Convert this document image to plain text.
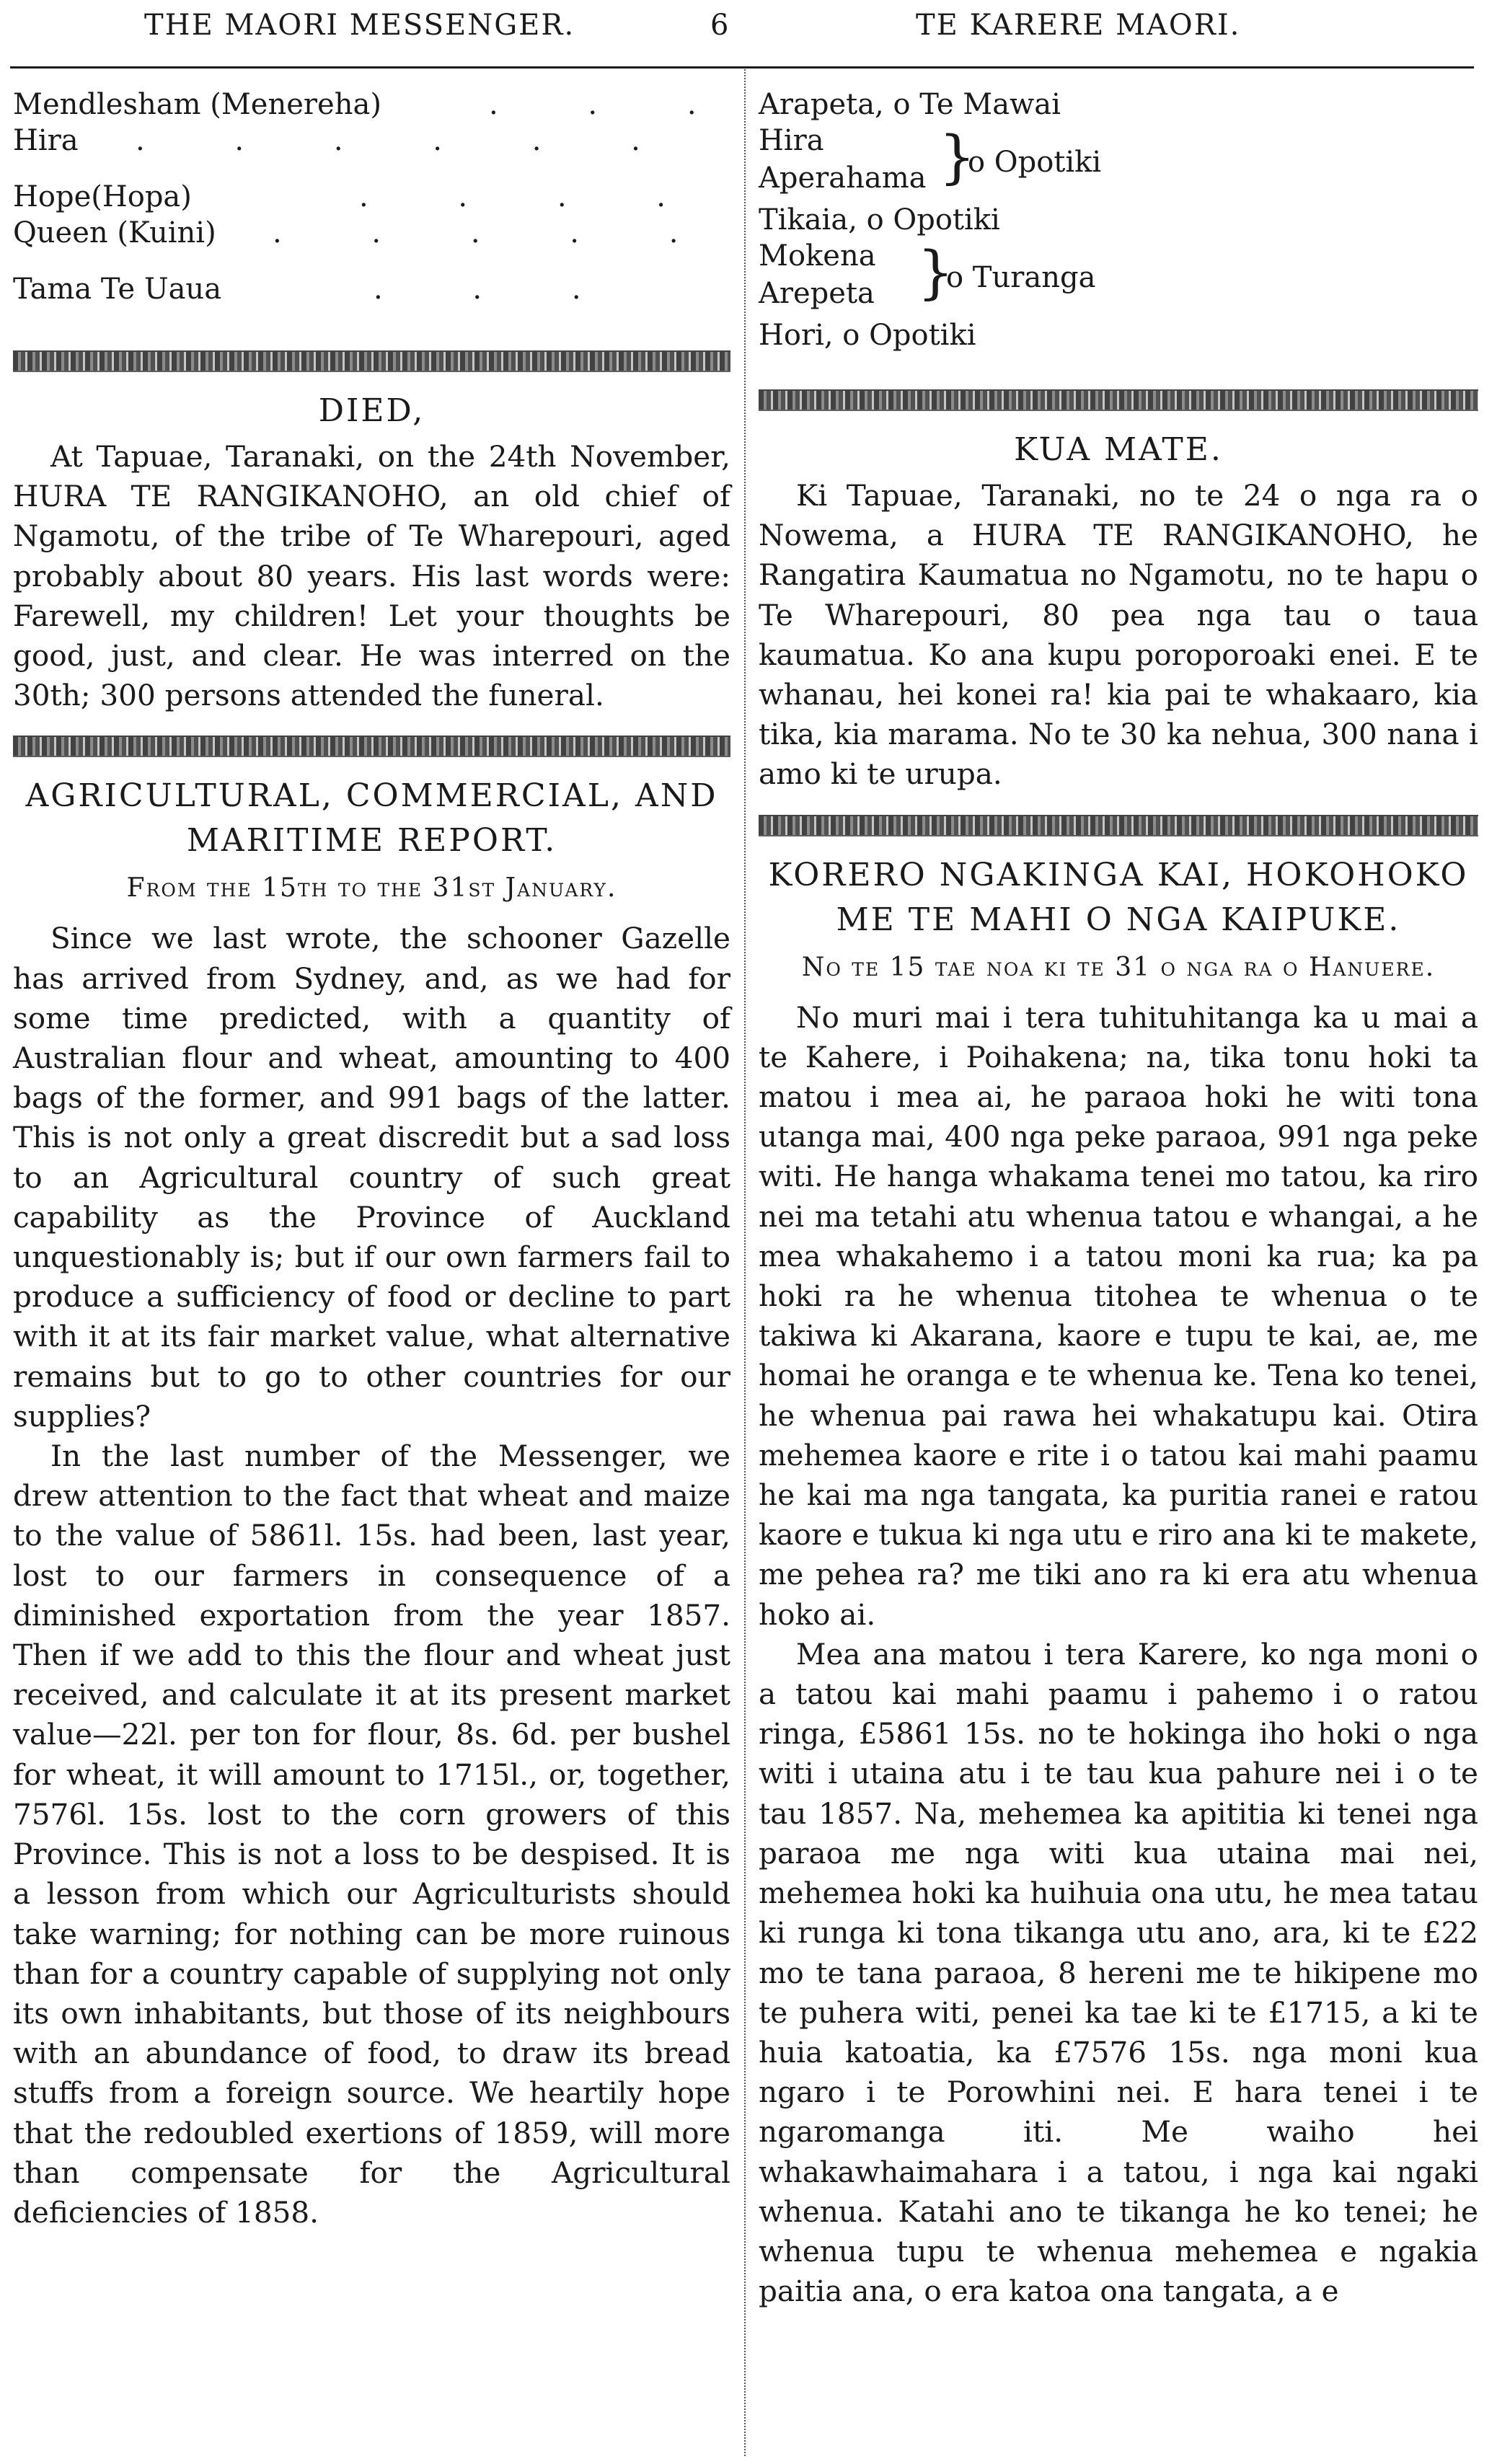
THE MAORI MESSENGER.	6	TE KARERE MAORI.
Mendlesham (Menereha)	. . .
Hira . . . . . .
Hope(Hopa)	. . . .
Queen (Kuini) . . . . .
Tama Te Uaua	. . .
DIED,

At Tapuae, Taranaki, on the 24th November, HURA TE RANGIKANOHO, an old chief of Ngamotu, of the tribe of Te Wharepouri, aged probably about 80 years. His last words were: Farewell, my children! Let your thoughts be good, just, and clear. He was interred on the 30th; 300 persons attended the funeral.

AGRICULTURAL, COMMERCIAL, AND
MARITIME REPORT.
From the 15th to the 31st January.

Since we last wrote, the schooner Gazelle has arrived from Sydney, and, as we had for some time predicted, with a quantity of Australian flour and wheat, amounting to 400 bags of the former, and 991 bags of the latter. This is not only a great discredit but a sad loss to an Agricultural country of such great capability as the Province of Auckland unquestionably is; but if our own farmers fail to produce a sufficiency of food or decline to part with it at its fair market value, what alternative remains but to go to other countries for our supplies?

In the last number of the Messenger, we drew attention to the fact that wheat and maize to the value of 5861l. 15s. had been, last year, lost to our farmers in consequence of a diminished exportation from the year 1857. Then if we add to this the flour and wheat just received, and calculate it at its present market value—22l. per ton for flour, 8s. 6d. per bushel for wheat, it will amount to 1715l., or, together, 7576l. 15s. lost to the corn growers of this Province. This is not a loss to be despised. It is a lesson from which our Agriculturists should take warning; for nothing can be more ruinous than for a country capable of supplying not only its own inhabitants, but those of its neighbours with an abundance of food, to draw its bread stuffs from a foreign source. We heartily hope that the redoubled exertions of 1859, will more than compensate for the Agricultural deficiencies of 1858.

Arapeta, o Te Mawai
Hira
Aperahama }
o Opotiki
Tikaia, o Opotiki
Mokena
Arepeta }
o Turanga
Hori, o Opotiki
KUA MATE.

Ki Tapuae, Taranaki, no te 24 o nga ra o Nowema, a HURA TE RANGIKANOHO, he Rangatira Kaumatua no Ngamotu, no te hapu o Te Wharepouri, 80 pea nga tau o taua kaumatua. Ko ana kupu poroporoaki enei. E te whanau, hei konei ra! kia pai te whakaaro, kia tika, kia marama. No te 30 ka nehua, 300 nana i amo ki te urupa.

KORERO NGAKINGA KAI, HOKOHOKO
ME TE MAHI O NGA KAIPUKE.
No te 15 tae noa ki te 31 o nga ra o Hanuere.

No muri mai i tera tuhituhitanga ka u mai a te Kahere, i Poihakena; na, tika tonu hoki ta matou i mea ai, he paraoa hoki he witi tona utanga mai, 400 nga peke paraoa, 991 nga peke witi. He hanga whakama tenei mo tatou, ka riro nei ma tetahi atu whenua tatou e whangai, a he mea whakahemo i a tatou moni ka rua; ka pa hoki ra he whenua titohea te whenua o te takiwa ki Akarana, kaore e tupu te kai, ae, me homai he oranga e te whenua ke. Tena ko tenei, he whenua pai rawa hei whakatupu kai. Otira mehemea kaore e rite i o tatou kai mahi paamu he kai ma nga tangata, ka puritia ranei e ratou kaore e tukua ki nga utu e riro ana ki te makete, me pehea ra? me tiki ano ra ki era atu whenua hoko ai.

Mea ana matou i tera Karere, ko nga moni o a tatou kai mahi paamu i pahemo i o ratou ringa, £5861 15s. no te hokinga iho hoki o nga witi i utaina atu i te tau kua pahure nei i o te tau 1857. Na, mehemea ka apititia ki tenei nga paraoa me nga witi kua utaina mai nei, mehemea hoki ka huihuia ona utu, he mea tatau ki runga ki tona tikanga utu ano, ara, ki te £22 mo te tana paraoa, 8 hereni me te hikipene mo te puhera witi, penei ka tae ki te £1715, a ki te huia katoatia, ka £7576 15s. nga moni kua ngaro i te Porowhini nei. E hara tenei i te ngaromanga iti. Me waiho hei whakawhaimahara i a tatou, i nga kai ngaki whenua. Katahi ano te tikanga he ko tenei; he whenua tupu te whenua mehemea e ngakia paitia ana, o era katoa ona tangata, a e
